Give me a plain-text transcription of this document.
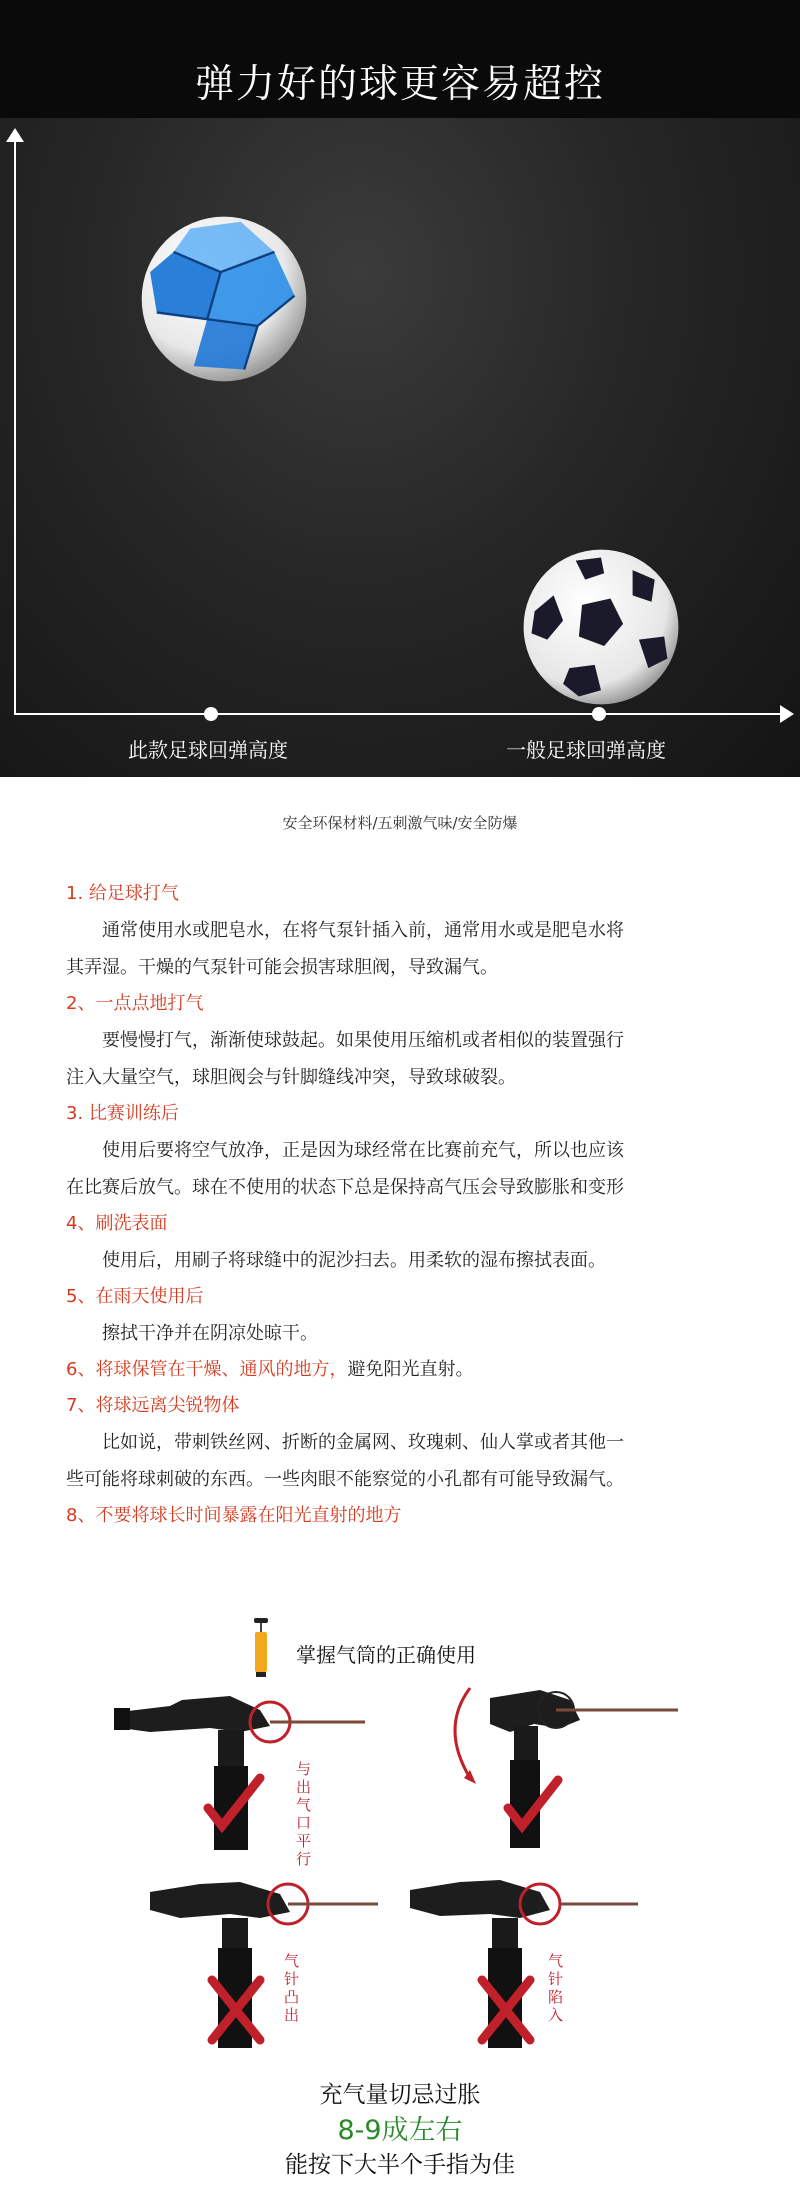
弹力好的球更容易超控
此款足球回弹高度	一般足球回弹高度
安全环保材料/五刺激气味/安全防爆
1. 给足球打气
通常使用水或肥皂水，在将气泵针插入前，通常用水或是肥皂水将
其弄湿。干燥的气泵针可能会损害球胆阀，导致漏气。
2、一点点地打气
要慢慢打气，渐渐使球鼓起。如果使用压缩机或者相似的装置强行
注入大量空气，球胆阀会与针脚缝线冲突，导致球破裂。
3. 比赛训练后
使用后要将空气放净，正是因为球经常在比赛前充气，所以也应该
在比赛后放气。球在不使用的状态下总是保持高气压会导致膨胀和变形
4、刷洗表面
使用后，用刷子将球缝中的泥沙扫去。用柔软的湿布擦拭表面。
5、在雨天使用后
擦拭干净并在阴凉处晾干。
6、将球保管在干燥、通风的地方，避免阳光直射。
7、将球远离尖锐物体
比如说，带刺铁丝网、折断的金属网、玫瑰刺、仙人掌或者其他一
些可能将球刺破的东西。一些肉眼不能察觉的小孔都有可能导致漏气。
8、不要将球长时间暴露在阳光直射的地方
掌握气筒的正确使用
与出气口平行
气针凸出
气针陷入
充气量切忌过胀
8-9成左右
能按下大半个手指为佳
